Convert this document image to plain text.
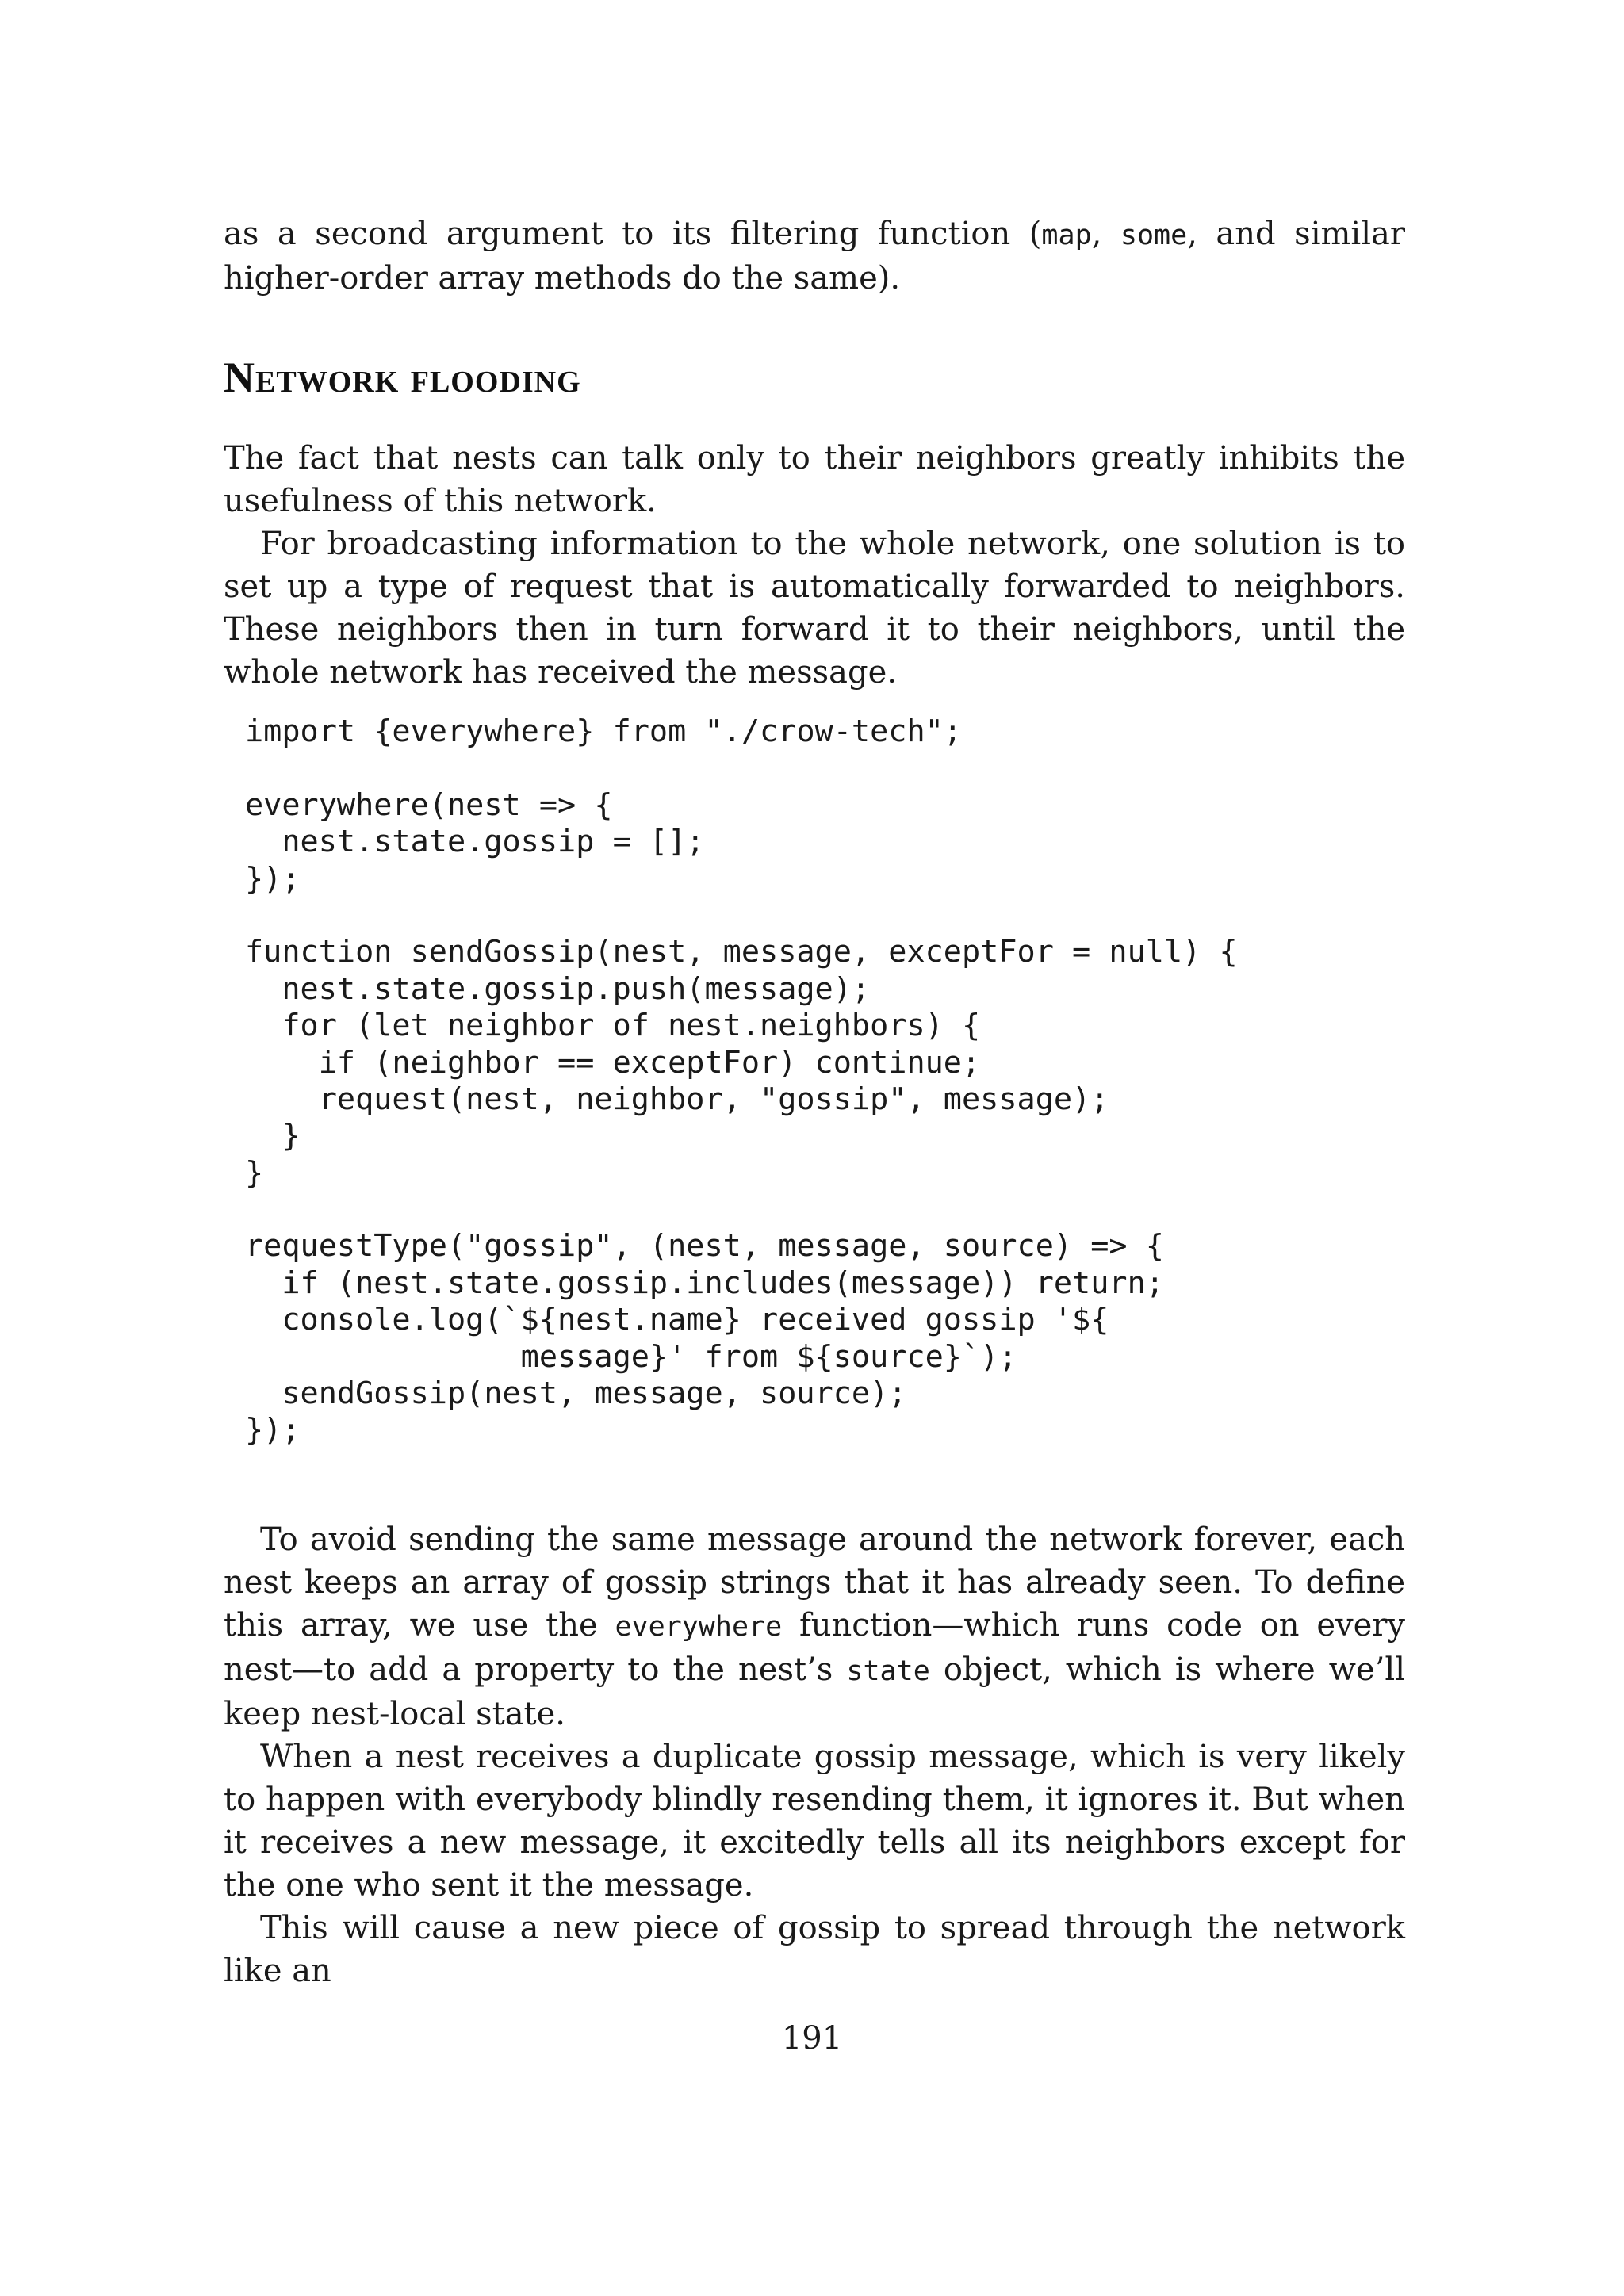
as a second argument to its filtering function (map, some, and similar higher-order array methods do the same).

Network flooding

The fact that nests can talk only to their neighbors greatly inhibits the usefulness of this network.

For broadcasting information to the whole network, one solution is to set up a type of request that is automatically forwarded to neighbors. These neighbors then in turn forward it to their neighbors, until the whole network has received the message.

import {everywhere} from "./crow-tech";
everywhere(nest => {
nest.state.gossip = [];
});
function sendGossip(nest, message, exceptFor = null) {
nest.state.gossip.push(message);
for (let neighbor of nest.neighbors) {
if (neighbor == exceptFor) continue;
request(nest, neighbor, "gossip", message);
}
}
requestType("gossip", (nest, message, source) => {
if (nest.state.gossip.includes(message)) return;
console.log(`${nest.name} received gossip '${
message}' from ${source}`);
sendGossip(nest, message, source);
});

To avoid sending the same message around the network forever, each nest keeps an array of gossip strings that it has already seen. To define this array, we use the everywhere function—which runs code on every nest—to add a property to the nest’s state object, which is where we’ll keep nest-local state.

When a nest receives a duplicate gossip message, which is very likely to happen with everybody blindly resending them, it ignores it. But when it receives a new message, it excitedly tells all its neighbors except for the one who sent it the message.

This will cause a new piece of gossip to spread through the network like an

191
